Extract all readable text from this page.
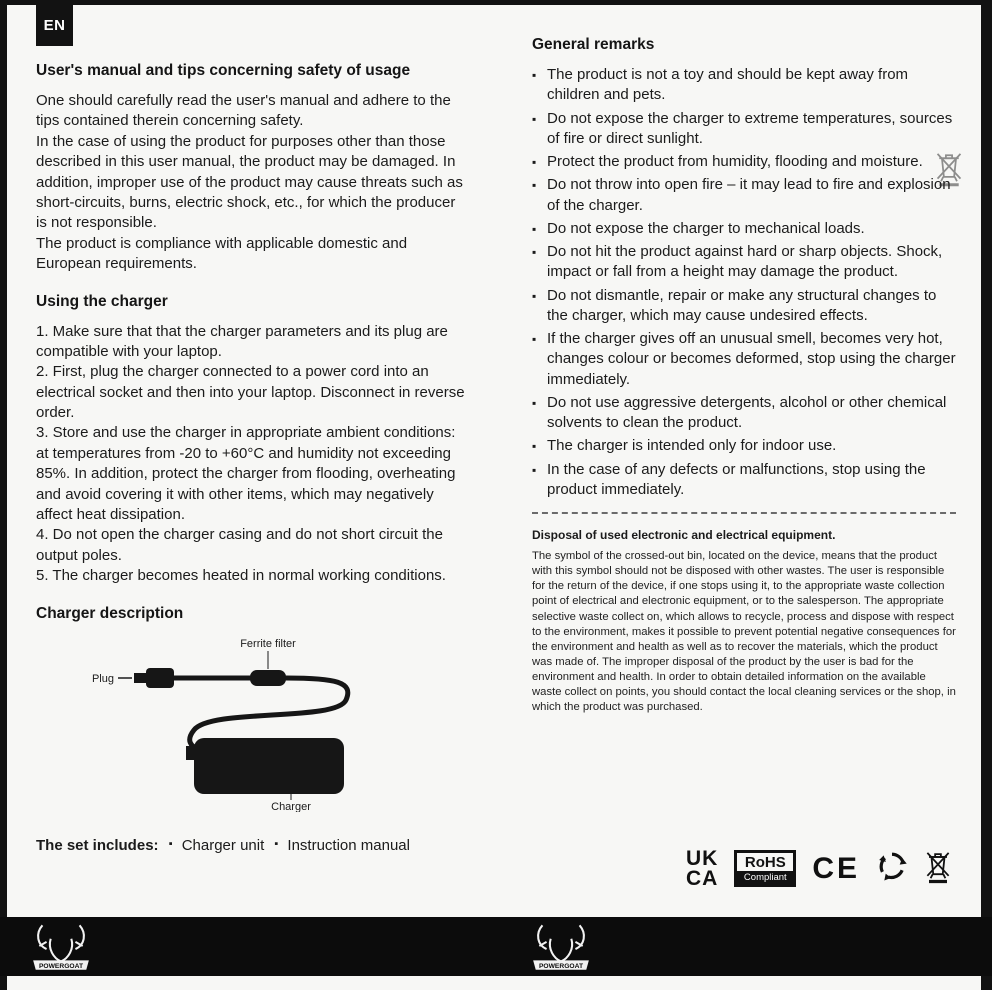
EN
User's manual and tips concerning safety of usage

One should carefully read the user's manual and adhere to the tips contained therein concerning safety.

In the case of using the product for purposes other than those described in this user manual, the product may be damaged. In addition, improper use of the product may cause threats such as short-circuits, burns, electric shock, etc., for which the producer is not responsible.

The product is compliance with applicable domestic and European requirements.

Using the charger
1. Make sure that that the charger parameters and its plug are compatible with your laptop.
2. First, plug the charger connected to a power cord into an electrical socket and then into your laptop. Disconnect in reverse order.
3. Store and use the charger in appropriate ambient conditions: at temperatures from -20 to +60°C and humidity not exceeding 85%. In addition, protect the charger from flooding, overheating and avoid covering it with other items, which may negatively affect heat dissipation.
4. Do not open the charger casing and do not short circuit the output poles.
5. The charger becomes heated in normal working conditions.
Charger description
Ferrite filter
Plug
Charger
The set includes: ▪ Charger unit ▪ Instruction manual
General remarks
▪ The product is not a toy and should be kept away from children and pets.
▪ Do not expose the charger to extreme temperatures, sources of fire or direct sunlight.
▪ Protect the product from humidity, flooding and moisture.
▪ Do not throw into open fire – it may lead to fire and explosion of the charger.
▪ Do not expose the charger to mechanical loads.
▪ Do not hit the product against hard or sharp objects. Shock, impact or fall from a height may damage the product.
▪ Do not dismantle, repair or make any structural changes to the charger, which may cause undesired effects.
▪ If the charger gives off an unusual smell, becomes very hot, changes colour or becomes deformed, stop using the charger immediately.
▪ Do not use aggressive detergents, alcohol or other chemical solvents to clean the product.
▪ The charger is intended only for indoor use.
▪ In the case of any defects or malfunctions, stop using the product immediately.
Disposal of used electronic and electrical equipment.

The symbol of the crossed-out bin, located on the device, means that the product with this symbol should not be disposed with other wastes. The user is responsible for the return of the device, if one stops using it, to the appropriate waste collection point of electrical and electronic equipment, or to the salesperson. The appropriate selective waste collect on, which allows to recycle, process and dispose with respect to the environment, makes it possible to prevent potential negative consequences for the environment and health as well as to recover the materials, which the product was made of. The improper disposal of the product by the user is bad for the environment and health. In order to obtain detailed information on the available waste collect on points, you should contact the local cleaning services or the shop, in which the product was purchased.

UK
CA
RoHS
Compliant CE
POWERGOAT	POWERGOAT
